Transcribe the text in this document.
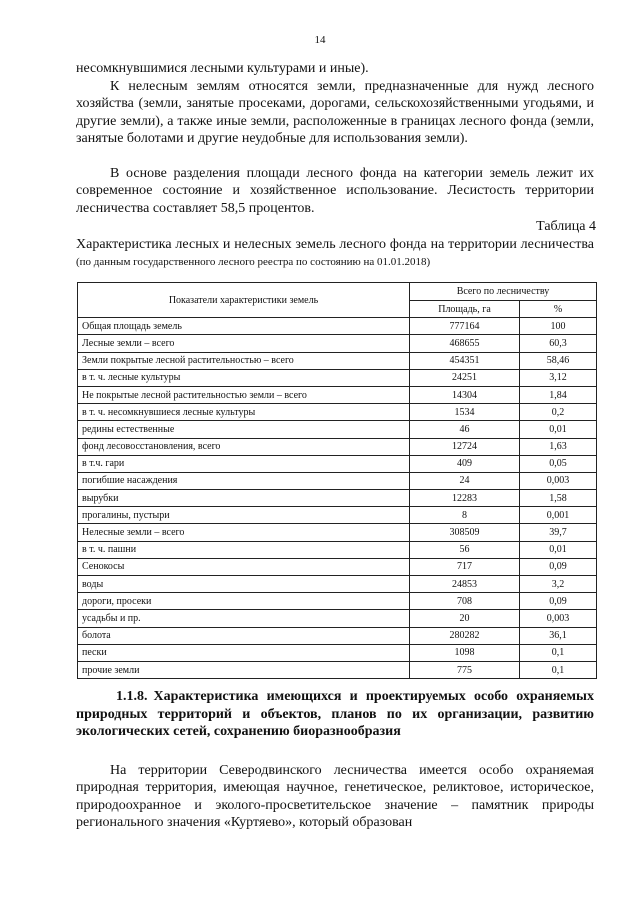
14

несомкнувшимися лесными культурами и иные).

К нелесным землям относятся земли, предназначенные для нужд лесного хозяйства (земли, занятые просеками, дорогами, сельскохозяйственными угодьями, и другие земли), а также иные земли, расположенные в границах лесного фонда (земли, занятые болотами и другие неудобные для использования земли).

В основе разделения площади лесного фонда на категории земель лежит их современное состояние и хозяйственное использование. Лесистость территории лесничества составляет 58,5 процентов.

Таблица 4
Характеристика лесных и нелесных земель лесного фонда на территории лесничества (по данным государственного лесного реестра по состоянию на 01.01.2018)
Показатели характеристики земель	Всего по лесничеству	
	Площадь, га	%
Общая площадь земель	777164	100
Лесные земли – всего	468655	60,3
Земли покрытые лесной растительностью – всего	454351	58,46
в т. ч. лесные культуры	24251	3,12
Не покрытые лесной растительностью земли – всего	14304	1,84
в т. ч. несомкнувшиеся лесные культуры	1534	0,2
редины естественные	46	0,01
фонд лесовосстановления, всего	12724	1,63
в т.ч. гари	409	0,05
погибшие насаждения	24	0,003
вырубки	12283	1,58
прогалины, пустыри	8	0,001
Нелесные земли – всего	308509	39,7
в т. ч. пашни	56	0,01
Сенокосы	717	0,09
воды	24853	3,2
дороги, просеки	708	0,09
усадьбы и пр.	20	0,003
болота	280282	36,1
пески	1098	0,1
прочие земли	775	0,1
1.1.8. Характеристика имеющихся и проектируемых особо охраняемых природных территорий и объектов, планов по их организации, развитию экологических сетей, сохранению биоразнообразия

На территории Северодвинского лесничества имеется особо охраняемая природная территория, имеющая научное, генетическое, реликтовое, историческое, природоохранное и эколого-просветительское значение – памятник природы регионального значения «Куртяево», который образован
